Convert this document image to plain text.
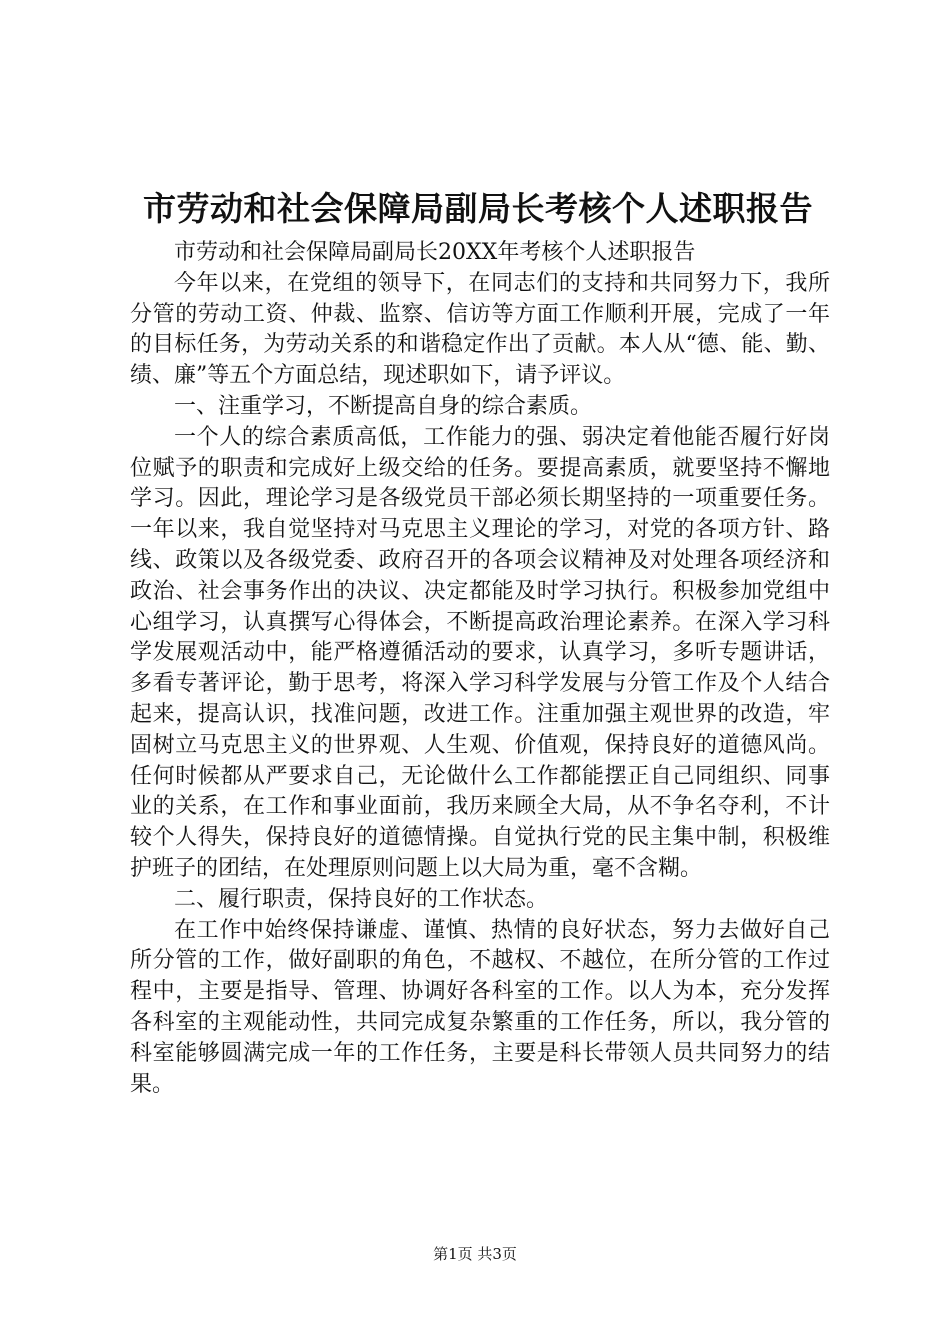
市劳动和社会保障局副局长考核个人述职报告

市劳动和社会保障局副局长20XX年考核个人述职报告

今年以来，在党组的领导下，在同志们的支持和共同努力下，我所分管的劳动工资、仲裁、监察、信访等方面工作顺利开展，完成了一年的目标任务，为劳动关系的和谐稳定作出了贡献。本人从“德、能、勤、绩、廉”等五个方面总结，现述职如下，请予评议。

一、注重学习，不断提高自身的综合素质。

一个人的综合素质高低，工作能力的强、弱决定着他能否履行好岗位赋予的职责和完成好上级交给的任务。要提高素质，就要坚持不懈地学习。因此，理论学习是各级党员干部必须长期坚持的一项重要任务。一年以来，我自觉坚持对马克思主义理论的学习，对党的各项方针、路线、政策以及各级党委、政府召开的各项会议精神及对处理各项经济和政治、社会事务作出的决议、决定都能及时学习执行。积极参加党组中心组学习，认真撰写心得体会，不断提高政治理论素养。在深入学习科学发展观活动中，能严格遵循活动的要求，认真学习，多听专题讲话，多看专著评论，勤于思考，将深入学习科学发展与分管工作及个人结合起来，提高认识，找准问题，改进工作。注重加强主观世界的改造，牢固树立马克思主义的世界观、人生观、价值观，保持良好的道德风尚。任何时候都从严要求自己，无论做什么工作都能摆正自己同组织、同事业的关系，在工作和事业面前，我历来顾全大局，从不争名夺利，不计较个人得失，保持良好的道德情操。自觉执行党的民主集中制，积极维护班子的团结，在处理原则问题上以大局为重，毫不含糊。

二、履行职责，保持良好的工作状态。

在工作中始终保持谦虚、谨慎、热情的良好状态，努力去做好自己所分管的工作，做好副职的角色，不越权、不越位，在所分管的工作过程中，主要是指导、管理、协调好各科室的工作。以人为本，充分发挥各科室的主观能动性，共同完成复杂繁重的工作任务，所以，我分管的科室能够圆满完成一年的工作任务，主要是科长带领人员共同努力的结果。

第1页 共3页
